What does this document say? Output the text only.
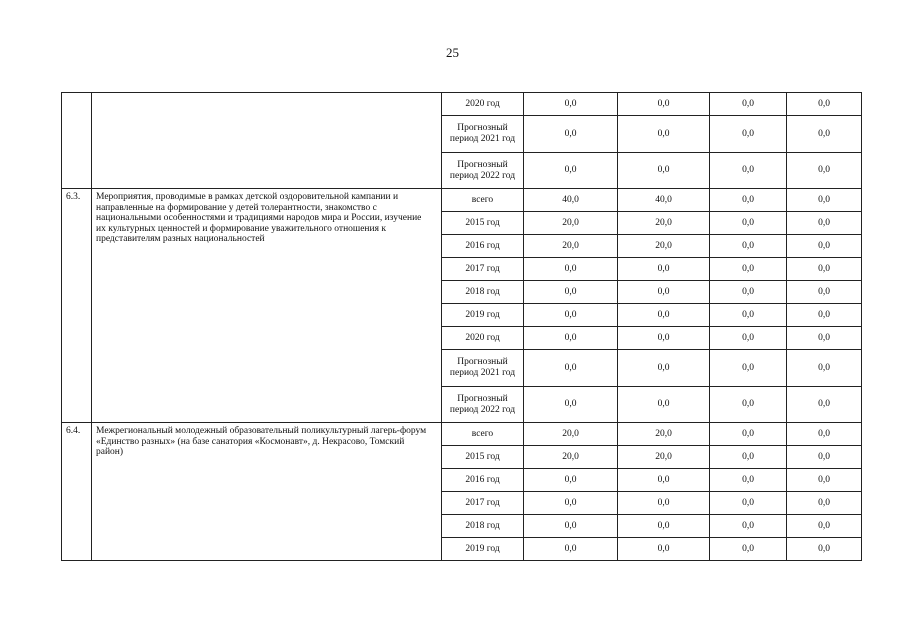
25
		2020 год	0,0	0,0	0,0	0,0
		Прогнозный период 2021 год	0,0	0,0	0,0	0,0
		Прогнозный период 2022 год	0,0	0,0	0,0	0,0
6.3.	Мероприятия, проводимые в рамках детской оздоровительной кампании и направленные на формирование у детей толерантности, знакомство с национальными особенностями и традициями народов мира и России, изучение их культурных ценностей и формирование уважительного отношения к представителям разных национальностей	всего	40,0	40,0	0,0	0,0
		2015 год	20,0	20,0	0,0	0,0
		2016 год	20,0	20,0	0,0	0,0
		2017 год	0,0	0,0	0,0	0,0
		2018 год	0,0	0,0	0,0	0,0
		2019 год	0,0	0,0	0,0	0,0
		2020 год	0,0	0,0	0,0	0,0
		Прогнозный период 2021 год	0,0	0,0	0,0	0,0
		Прогнозный период 2022 год	0,0	0,0	0,0	0,0
6.4.	Межрегиональный молодежный образовательный поликультурный лагерь-форум «Единство разных» (на базе санатория «Космонавт», д. Некрасово, Томский район)	всего	20,0	20,0	0,0	0,0
		2015 год	20,0	20,0	0,0	0,0
		2016 год	0,0	0,0	0,0	0,0
		2017 год	0,0	0,0	0,0	0,0
		2018 год	0,0	0,0	0,0	0,0
		2019 год	0,0	0,0	0,0	0,0
